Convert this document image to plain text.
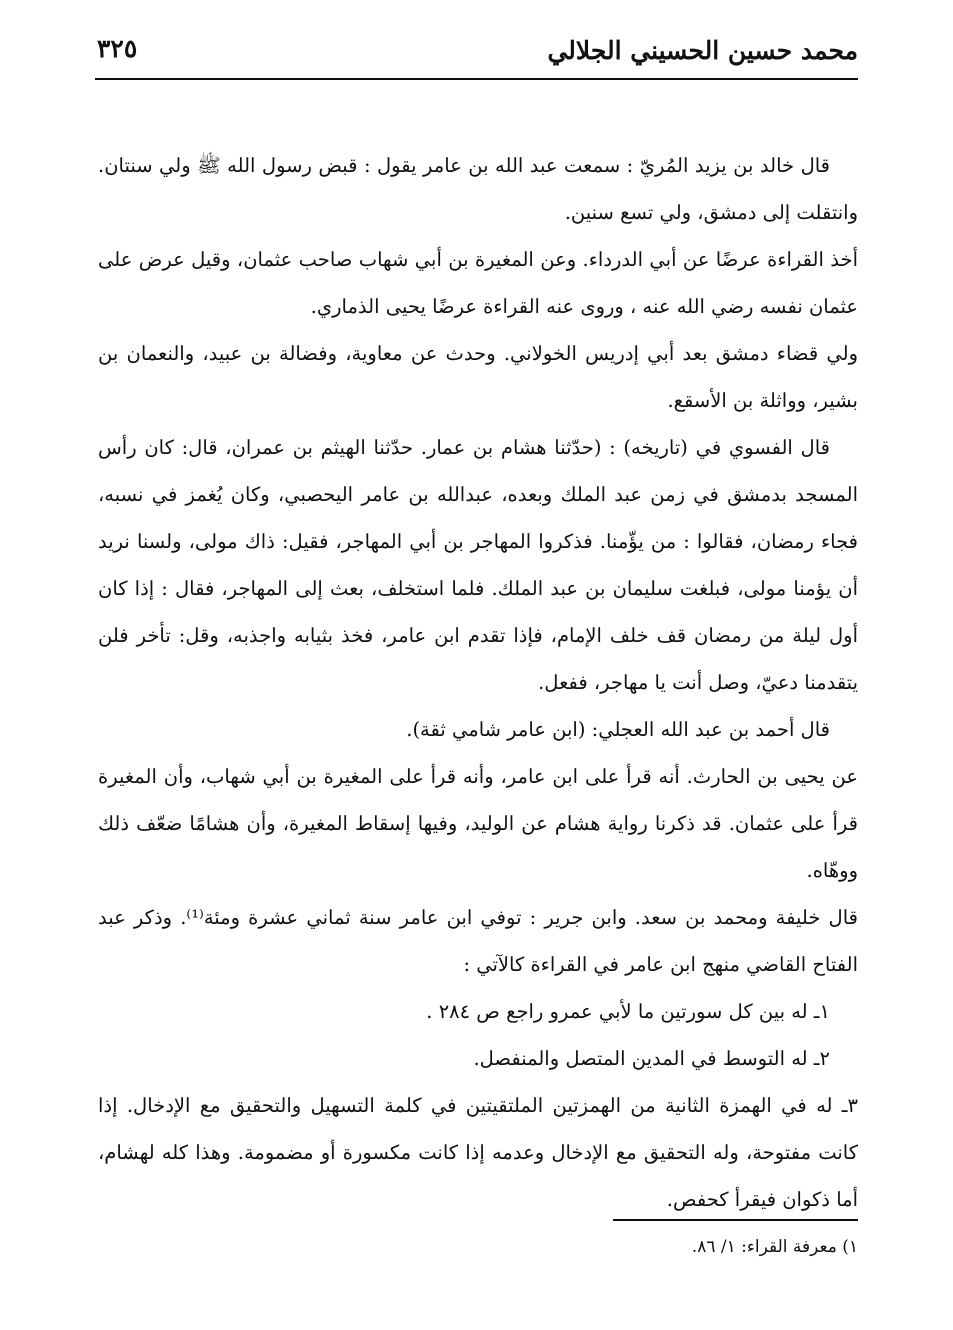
محمد حسين الحسيني الجلالي
٣٢٥

قال خالد بن يزيد المُريّ : سمعت عبد الله بن عامر يقول : قبض رسول الله ﷺ ولي سنتان. وانتقلت إلى دمشق، ولي تسع سنين.

أخذ القراءة عرضًا عن أبي الدرداء. وعن المغيرة بن أبي شهاب صاحب عثمان، وقيل عرض على عثمان نفسه رضي الله عنه ، وروى عنه القراءة عرضًا يحيى الذماري.

ولي قضاء دمشق بعد أبي إدريس الخولاني. وحدث عن معاوية، وفضالة بن عبيد، والنعمان بن بشير، وواثلة بن الأسقع.

قال الفسوي في (تاريخه) : (حدّثنا هشام بن عمار. حدّثنا الهيثم بن عمران، قال: كان رأس المسجد بدمشق في زمن عبد الملك وبعده، عبدالله بن عامر اليحصبي، وكان يُغمز في نسبه، فجاء رمضان، فقالوا : من يؤّمنا. فذكروا المهاجر بن أبي المهاجر، فقيل: ذاك مولى، ولسنا نريد أن يؤمنا مولى، فبلغت سليمان بن عبد الملك. فلما استخلف، بعث إلى المهاجر، فقال : إذا كان أول ليلة من رمضان قف خلف الإمام، فإذا تقدم ابن عامر، فخذ بثيابه واجذبه، وقل: تأخر فلن يتقدمنا دعيّ، وصل أنت يا مهاجر، ففعل.

قال أحمد بن عبد الله العجلي: (ابن عامر شامي ثقة).

عن يحيى بن الحارث. أنه قرأ على ابن عامر، وأنه قرأ على المغيرة بن أبي شهاب، وأن المغيرة قرأ على عثمان. قد ذكرنا رواية هشام عن الوليد، وفيها إسقاط المغيرة، وأن هشامًا ضعّف ذلك ووهّاه.

قال خليفة ومحمد بن سعد. وابن جرير : توفي ابن عامر سنة ثماني عشرة ومئة⁽¹⁾. وذكر عبد الفتاح القاضي منهج ابن عامر في القراءة كالآتي :

١ـ له بين كل سورتين ما لأبي عمرو راجع ص ٢٨٤ .

٢ـ له التوسط في المدين المتصل والمنفصل.

٣ـ له في الهمزة الثانية من الهمزتين الملتقيتين في كلمة التسهيل والتحقيق مع الإدخال. إذا كانت مفتوحة، وله التحقيق مع الإدخال وعدمه إذا كانت مكسورة أو مضمومة. وهذا كله لهشام، أما ذكوان فيقرأ كحفص.

١) معرفة القراء: ١/ ٨٦.
